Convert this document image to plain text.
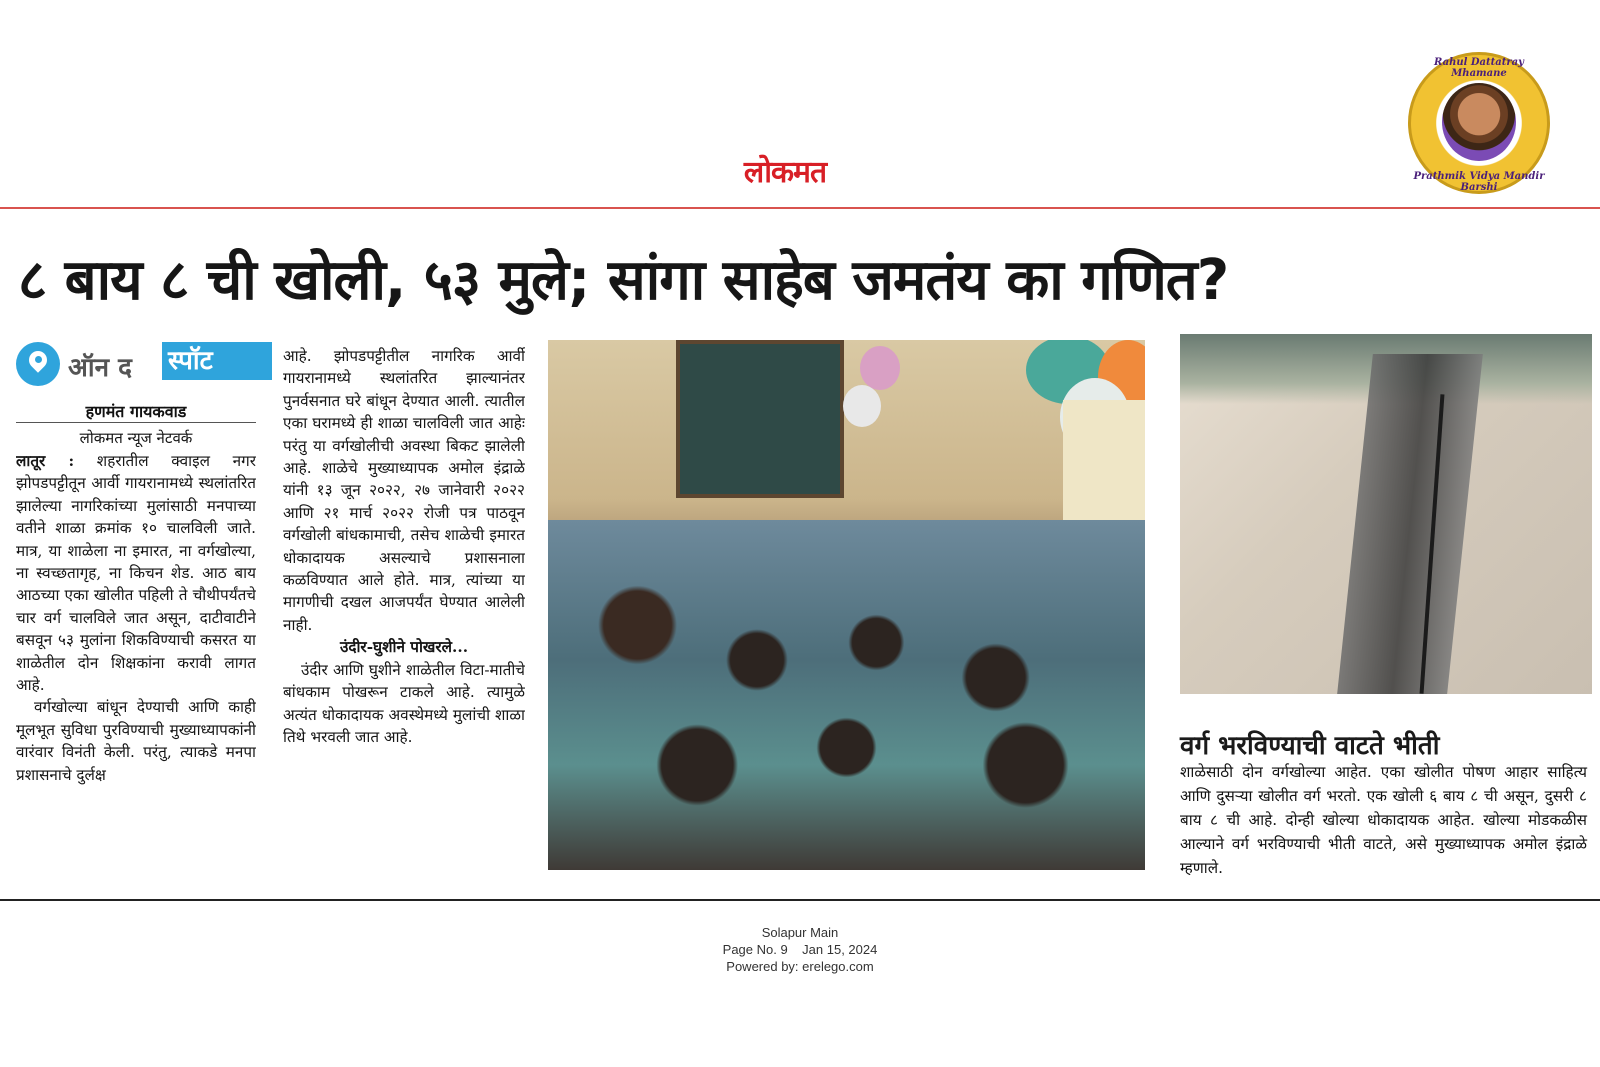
लोकमत
Rahul Dattatray Mhamane
Prathmik Vidya Mandir Barshi
८ बाय ८ ची खोली, ५३ मुले; सांगा साहेब जमतंय का गणित?
ऑन द स्पॉट
हणमंत गायकवाड
लोकमत न्यूज नेटवर्क
लातूर : शहरातील क्वाइल नगर झोपडपट्टीतून आर्वी गायरानामध्ये स्थलांतरित झालेल्या नागरिकांच्या मुलांसाठी मनपाच्या वतीने शाळा क्रमांक १० चालविली जाते. मात्र, या शाळेला ना इमारत, ना वर्गखोल्या, ना स्वच्छतागृह, ना किचन शेड. आठ बाय आठच्या एका खोलीत पहिली ते चौथीपर्यंतचे चार वर्ग चालविले जात असून, दाटीवाटीने बसवून ५३ मुलांना शिकविण्याची कसरत या शाळेतील दोन शिक्षकांना करावी लागत आहे.
वर्गखोल्या बांधून देण्याची आणि काही मूलभूत सुविधा पुरविण्याची मुख्याध्यापकांनी वारंवार विनंती केली. परंतु, त्याकडे मनपा प्रशासनाचे दुर्लक्ष
आहे. झोपडपट्टीतील नागरिक आर्वी गायरानामध्ये स्थलांतरित झाल्यानंतर पुनर्वसनात घरे बांधून देण्यात आली. त्यातील एका घरामध्ये ही शाळा चालविली जात आहेः परंतु या वर्गखोलीची अवस्था बिकट झालेली आहे. शाळेचे मुख्याध्यापक अमोल इंद्राळे यांनी १३ जून २०२२, २७ जानेवारी २०२२ आणि २१ मार्च २०२२ रोजी पत्र पाठवून वर्गखोली बांधकामाची, तसेच शाळेची इमारत धोकादायक असल्याचे प्रशासनाला कळविण्यात आले होते. मात्र, त्यांच्या या मागणीची दखल आजपर्यंत घेण्यात आलेली नाही.
उंदीर-घुशीने पोखरले...
उंदीर आणि घुशीने शाळेतील विटा-मातीचे बांधकाम पोखरून टाकले आहे. त्यामुळे अत्यंत धोकादायक अवस्थेमध्ये मुलांची शाळा तिथे भरवली जात आहे.	वर्ग भरविण्याची वाटते भीती
शाळेसाठी दोन वर्गखोल्या आहेत. एका खोलीत पोषण आहार साहित्य आणि दुसऱ्या खोलीत वर्ग भरतो. एक खोली ६ बाय ८ ची असून, दुसरी ८ बाय ८ ची आहे. दोन्ही खोल्या धोकादायक आहेत. खोल्या मोडकळीस आल्याने वर्ग भरविण्याची भीती वाटते, असे मुख्याध्यापक अमोल इंद्राळे म्हणाले.
Solapur Main
Page No. 9 Jan 15, 2024
Powered by: erelego.com
